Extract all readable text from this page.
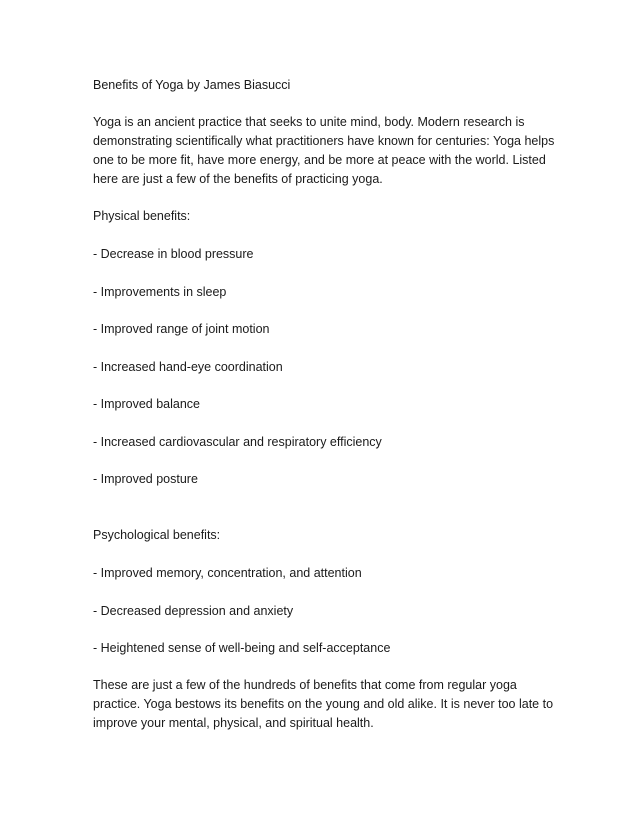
Benefits of Yoga by James Biasucci

Yoga is an ancient practice that seeks to unite mind, body. Modern research is demonstrating scientifically what practitioners have known for centuries: Yoga helps one to be more fit, have more energy, and be more at peace with the world. Listed here are just a few of the benefits of practicing yoga.

Physical benefits:

- Decrease in blood pressure
- Improvements in sleep
- Improved range of joint motion
- Increased hand-eye coordination
- Improved balance
- Increased cardiovascular and respiratory efficiency
- Improved posture

Psychological benefits:

- Improved memory, concentration, and attention
- Decreased depression and anxiety
- Heightened sense of well-being and self-acceptance

These are just a few of the hundreds of benefits that come from regular yoga practice. Yoga bestows its benefits on the young and old alike. It is never too late to improve your mental, physical, and spiritual health.
